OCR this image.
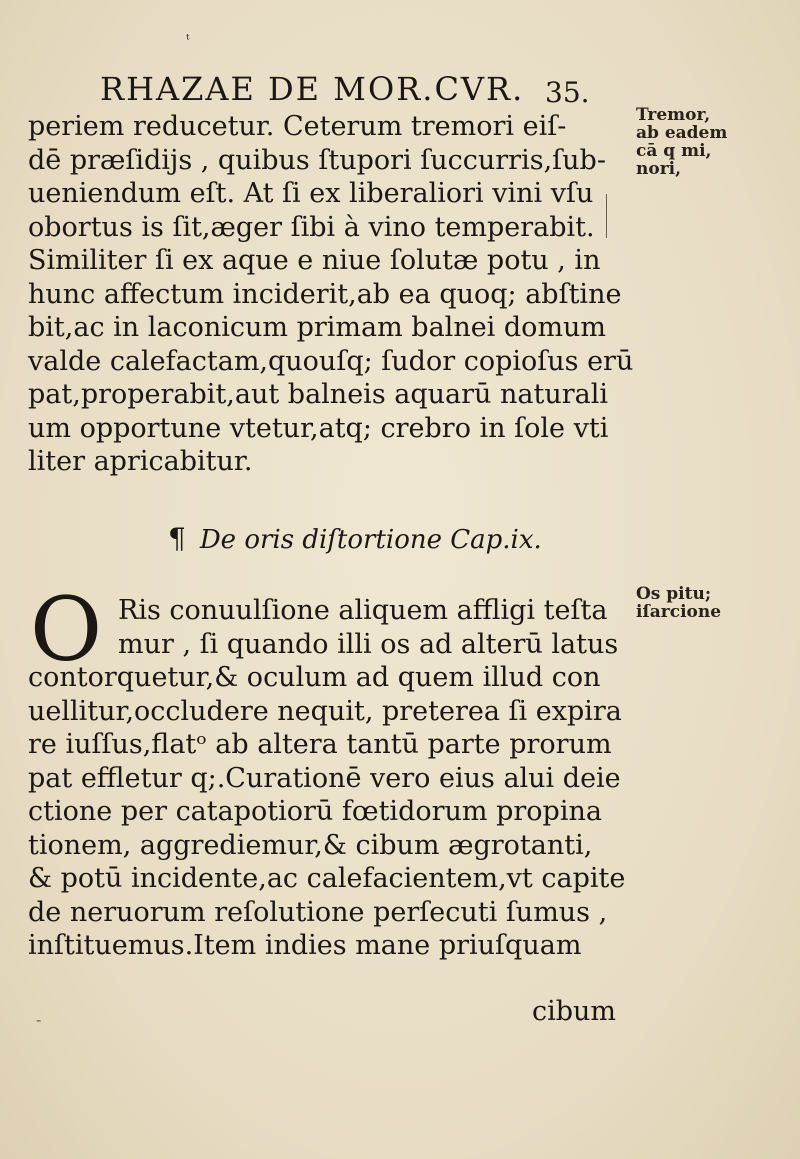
ᵗ
RHAZAE DE MOR.CVR. 35.
periem reducetur. Ceterum tremori eiſ-
dē præſidijs , quibus ſtupori ſuccurris,ſub-
ueniendum eſt. At ſi ex liberaliori vini vſu
obortus is ſit,æger ſibi à vino temperabit.
Similiter ſi ex aque e niue ſolutæ potu , in
hunc affectum inciderit,ab ea quoq; abſtine
bit,ac in laconicum primam balnei domum
valde calefactam,quouſq; ſudor copioſus erū
pat,properabit,aut balneis aquarū naturali
um opportune vtetur,atq; crebro in ſole vti
liter apricabitur.
¶ De oris diſtortione Cap.ix.
O Ris conuulſione aliquem affligi teſta
mur , ſi quando illi os ad alterū latus
contorquetur,& oculum ad quem illud con
uellitur,occludere nequit, preterea ſi expira
re iuſſus,flatᵒ ab altera tantū parte prorum
pat effletur q;.Curationē vero eius alui deie
ctione per catapotiorū fœtidorum propina
tionem, aggrediemur,& cibum ægrotanti,
& potū incidente,ac calefacientem,vt capite
de neruorum reſolutione perſecuti ſumus ,
inſtituemus.Item indies mane priuſquam
cibum
Tremor,
ab eadem
cā q mi,
nori,
Os pitu;
iſarcione
-
